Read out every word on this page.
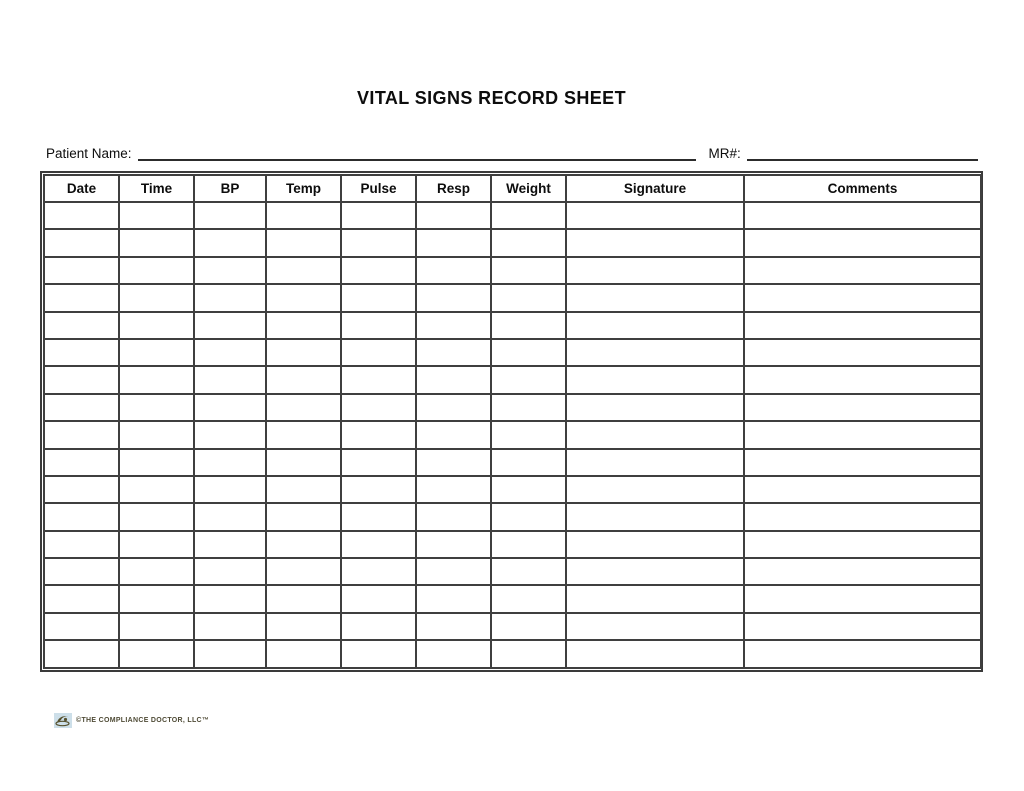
VITAL SIGNS RECORD SHEET
Patient Name:	MR#:
Date	Time	BP	Temp	Pulse	Resp	Weight	Signature	Comments

©THE COMPLIANCE DOCTOR, LLC™
